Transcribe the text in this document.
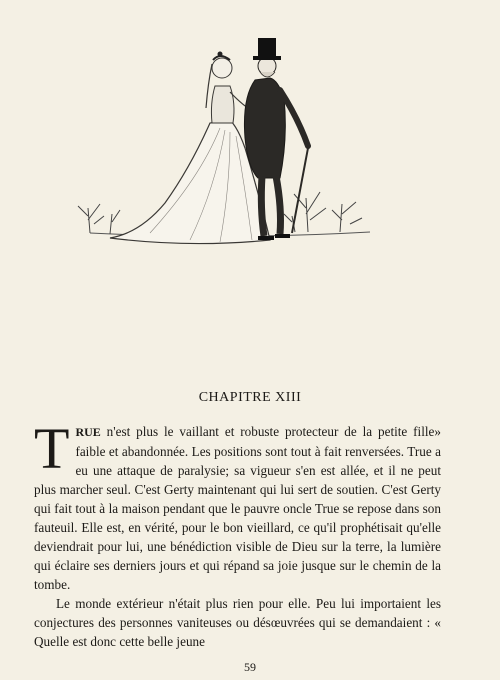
CHAPITRE XIII

TRUE n'est plus le vaillant et robuste protecteur de la petite fille» faible et abandonnée. Les positions sont tout à fait renversées. True a eu une attaque de paralysie; sa vigueur s'en est allée, et il ne peut plus marcher seul. C'est Gerty maintenant qui lui sert de soutien. C'est Gerty qui fait tout à la maison pendant que le pauvre oncle True se repose dans son fauteuil. Elle est, en vérité, pour le bon vieillard, ce qu'il prophétisait qu'elle deviendrait pour lui, une bénédiction visible de Dieu sur la terre, la lumière qui éclaire ses derniers jours et qui répand sa joie jusque sur le chemin de la tombe.

Le monde extérieur n'était plus rien pour elle. Peu lui importaient les conjectures des personnes vaniteuses ou désœuvrées qui se demandaient : « Quelle est donc cette belle jeune

59
